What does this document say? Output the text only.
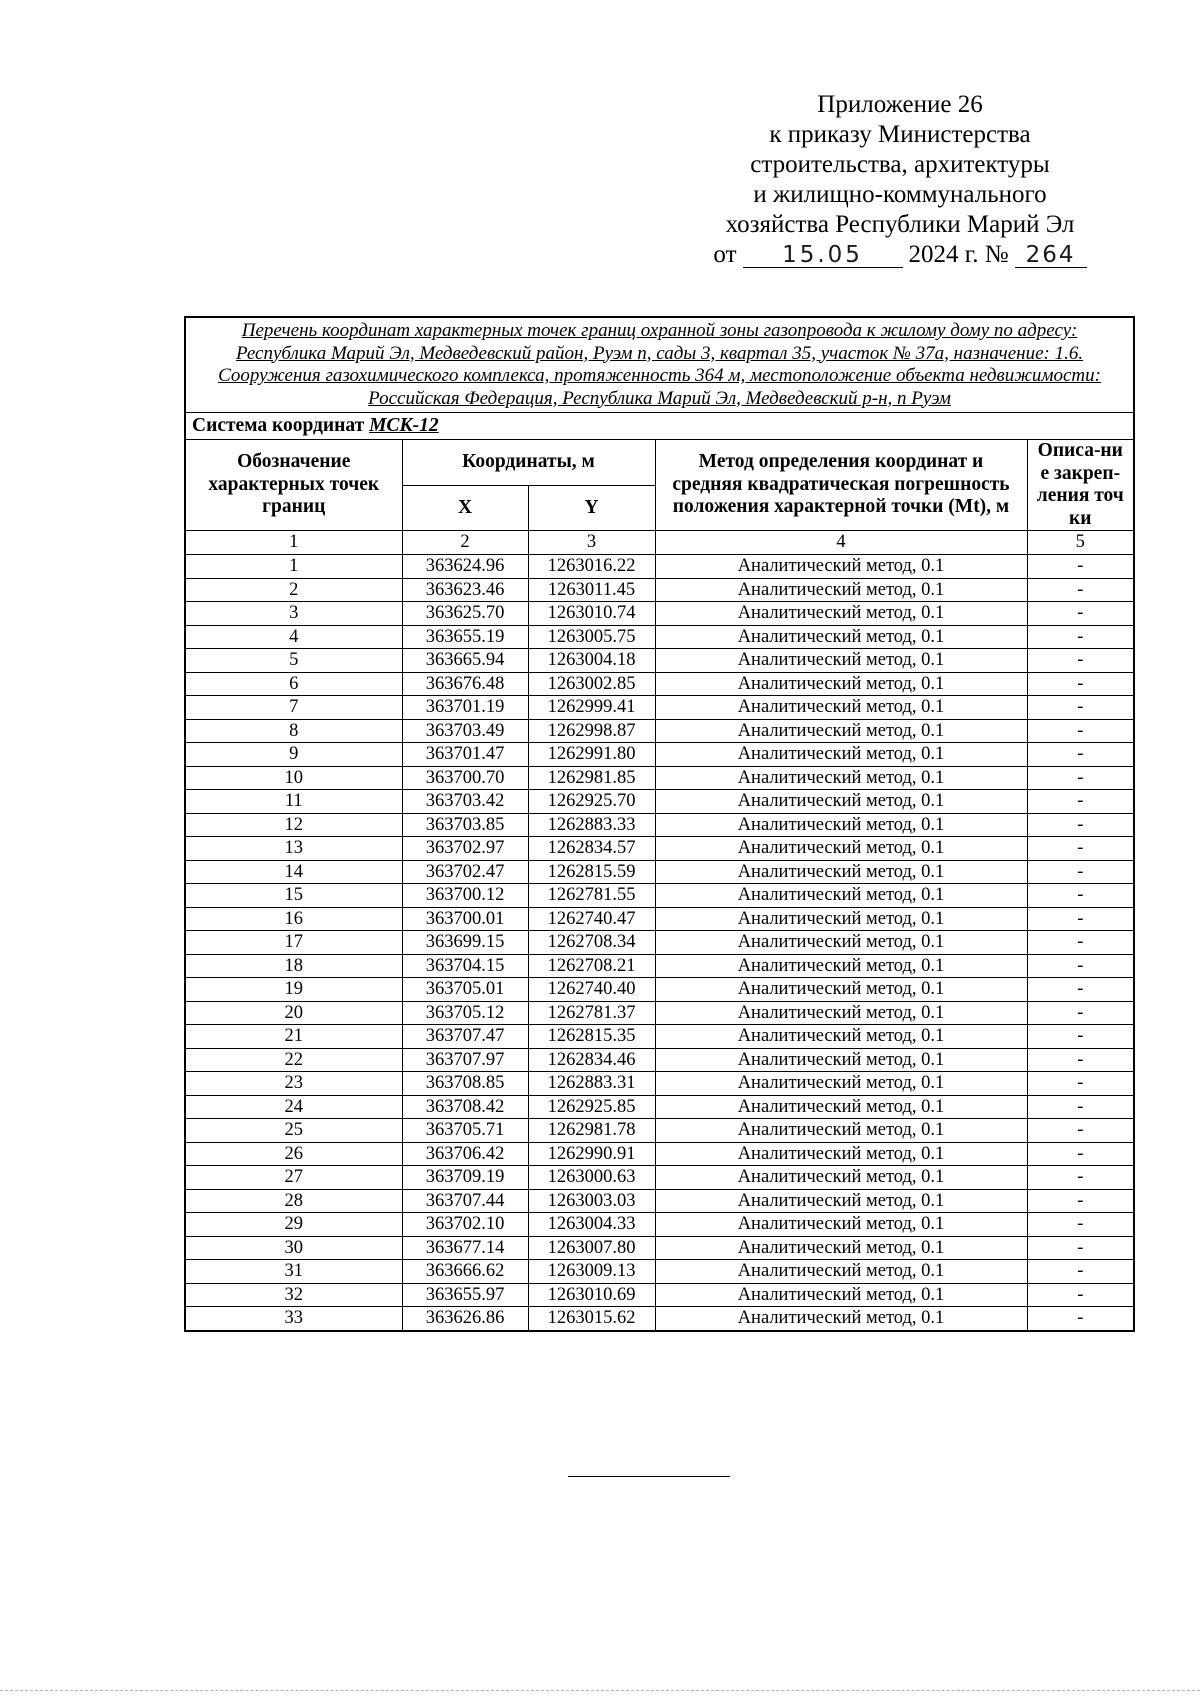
Приложение 26
к приказу Министерства
строительства, архитектуры
и жилищно-коммунального
хозяйства Республики Марий Эл
от	15.05	2024 г. № 264
Перечень координат характерных точек границ охранной зоны газопровода к жилому дому по адресу: Республика Марий Эл, Медведевский район, Руэм п, сады 3, квартал 35, участок № 37а, назначение: 1.6. Сооружения газохимического комплекса, протяженность 364 м, местоположение объекта недвижимости: Российская Федерация, Республика Марий Эл, Медведевский р-н, п Руэм				
Система координат МСК-12				
Обозначение характерных точек границ	Координаты, м		Метод определения координат и средняя квадратическая погрешность положения характерной точки (Mt), м	Описа-ние закреп-ления точки
	X	Y		
1	2	3	4	5
1	363624.96	1263016.22	Аналитический метод, 0.1	-
2	363623.46	1263011.45	Аналитический метод, 0.1	-
3	363625.70	1263010.74	Аналитический метод, 0.1	-
4	363655.19	1263005.75	Аналитический метод, 0.1	-
5	363665.94	1263004.18	Аналитический метод, 0.1	-
6	363676.48	1263002.85	Аналитический метод, 0.1	-
7	363701.19	1262999.41	Аналитический метод, 0.1	-
8	363703.49	1262998.87	Аналитический метод, 0.1	-
9	363701.47	1262991.80	Аналитический метод, 0.1	-
10	363700.70	1262981.85	Аналитический метод, 0.1	-
11	363703.42	1262925.70	Аналитический метод, 0.1	-
12	363703.85	1262883.33	Аналитический метод, 0.1	-
13	363702.97	1262834.57	Аналитический метод, 0.1	-
14	363702.47	1262815.59	Аналитический метод, 0.1	-
15	363700.12	1262781.55	Аналитический метод, 0.1	-
16	363700.01	1262740.47	Аналитический метод, 0.1	-
17	363699.15	1262708.34	Аналитический метод, 0.1	-
18	363704.15	1262708.21	Аналитический метод, 0.1	-
19	363705.01	1262740.40	Аналитический метод, 0.1	-
20	363705.12	1262781.37	Аналитический метод, 0.1	-
21	363707.47	1262815.35	Аналитический метод, 0.1	-
22	363707.97	1262834.46	Аналитический метод, 0.1	-
23	363708.85	1262883.31	Аналитический метод, 0.1	-
24	363708.42	1262925.85	Аналитический метод, 0.1	-
25	363705.71	1262981.78	Аналитический метод, 0.1	-
26	363706.42	1262990.91	Аналитический метод, 0.1	-
27	363709.19	1263000.63	Аналитический метод, 0.1	-
28	363707.44	1263003.03	Аналитический метод, 0.1	-
29	363702.10	1263004.33	Аналитический метод, 0.1	-
30	363677.14	1263007.80	Аналитический метод, 0.1	-
31	363666.62	1263009.13	Аналитический метод, 0.1	-
32	363655.97	1263010.69	Аналитический метод, 0.1	-
33	363626.86	1263015.62	Аналитический метод, 0.1	-
